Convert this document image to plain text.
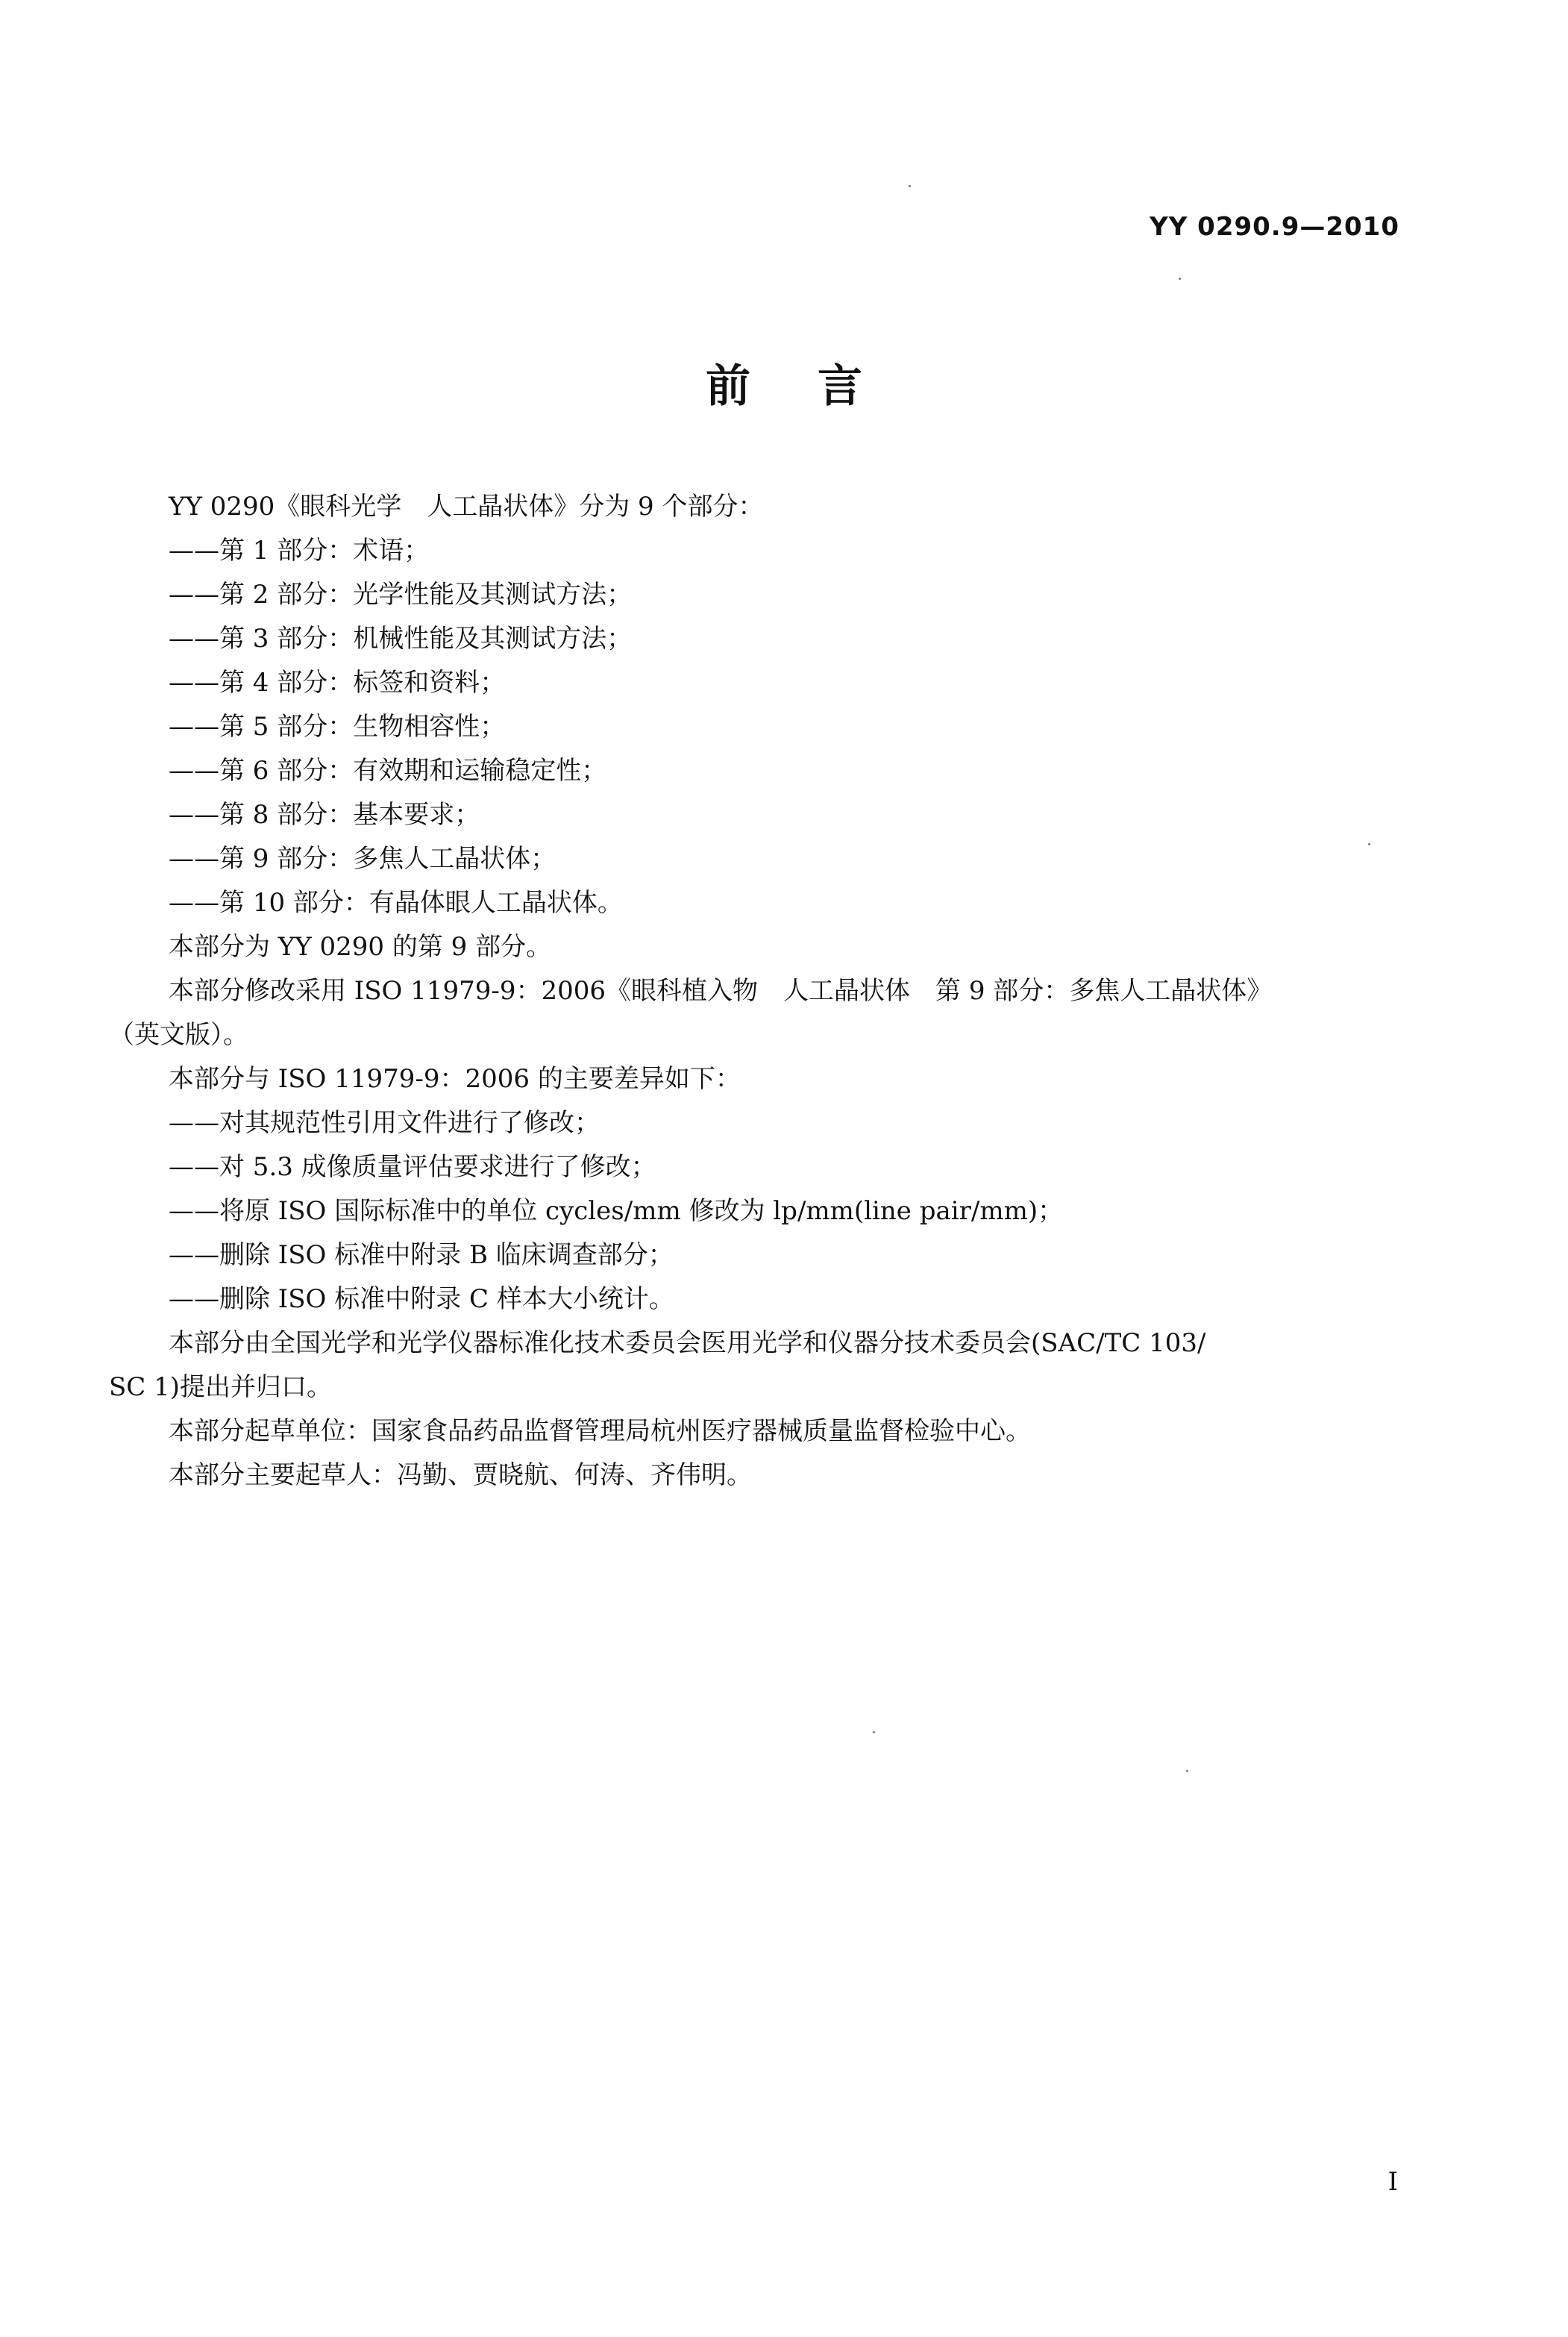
YY 0290.9—2010
前言

YY 0290《眼科光学　人工晶状体》分为 9 个部分：

——第 1 部分：术语；

——第 2 部分：光学性能及其测试方法；

——第 3 部分：机械性能及其测试方法；

——第 4 部分：标签和资料；

——第 5 部分：生物相容性；

——第 6 部分：有效期和运输稳定性；

——第 8 部分：基本要求；

——第 9 部分：多焦人工晶状体；

——第 10 部分：有晶体眼人工晶状体。

本部分为 YY 0290 的第 9 部分。

本部分修改采用 ISO 11979-9：2006《眼科植入物　人工晶状体　第 9 部分：多焦人工晶状体》

（英文版）。

本部分与 ISO 11979-9：2006 的主要差异如下：

——对其规范性引用文件进行了修改；

——对 5.3 成像质量评估要求进行了修改；

——将原 ISO 国际标准中的单位 cycles/mm 修改为 lp/mm(line pair/mm)；

——删除 ISO 标准中附录 B 临床调查部分；

——删除 ISO 标准中附录 C 样本大小统计。

本部分由全国光学和光学仪器标准化技术委员会医用光学和仪器分技术委员会(SAC/TC 103/

SC 1)提出并归口。

本部分起草单位：国家食品药品监督管理局杭州医疗器械质量监督检验中心。

本部分主要起草人：冯勤、贾晓航、何涛、齐伟明。

I
